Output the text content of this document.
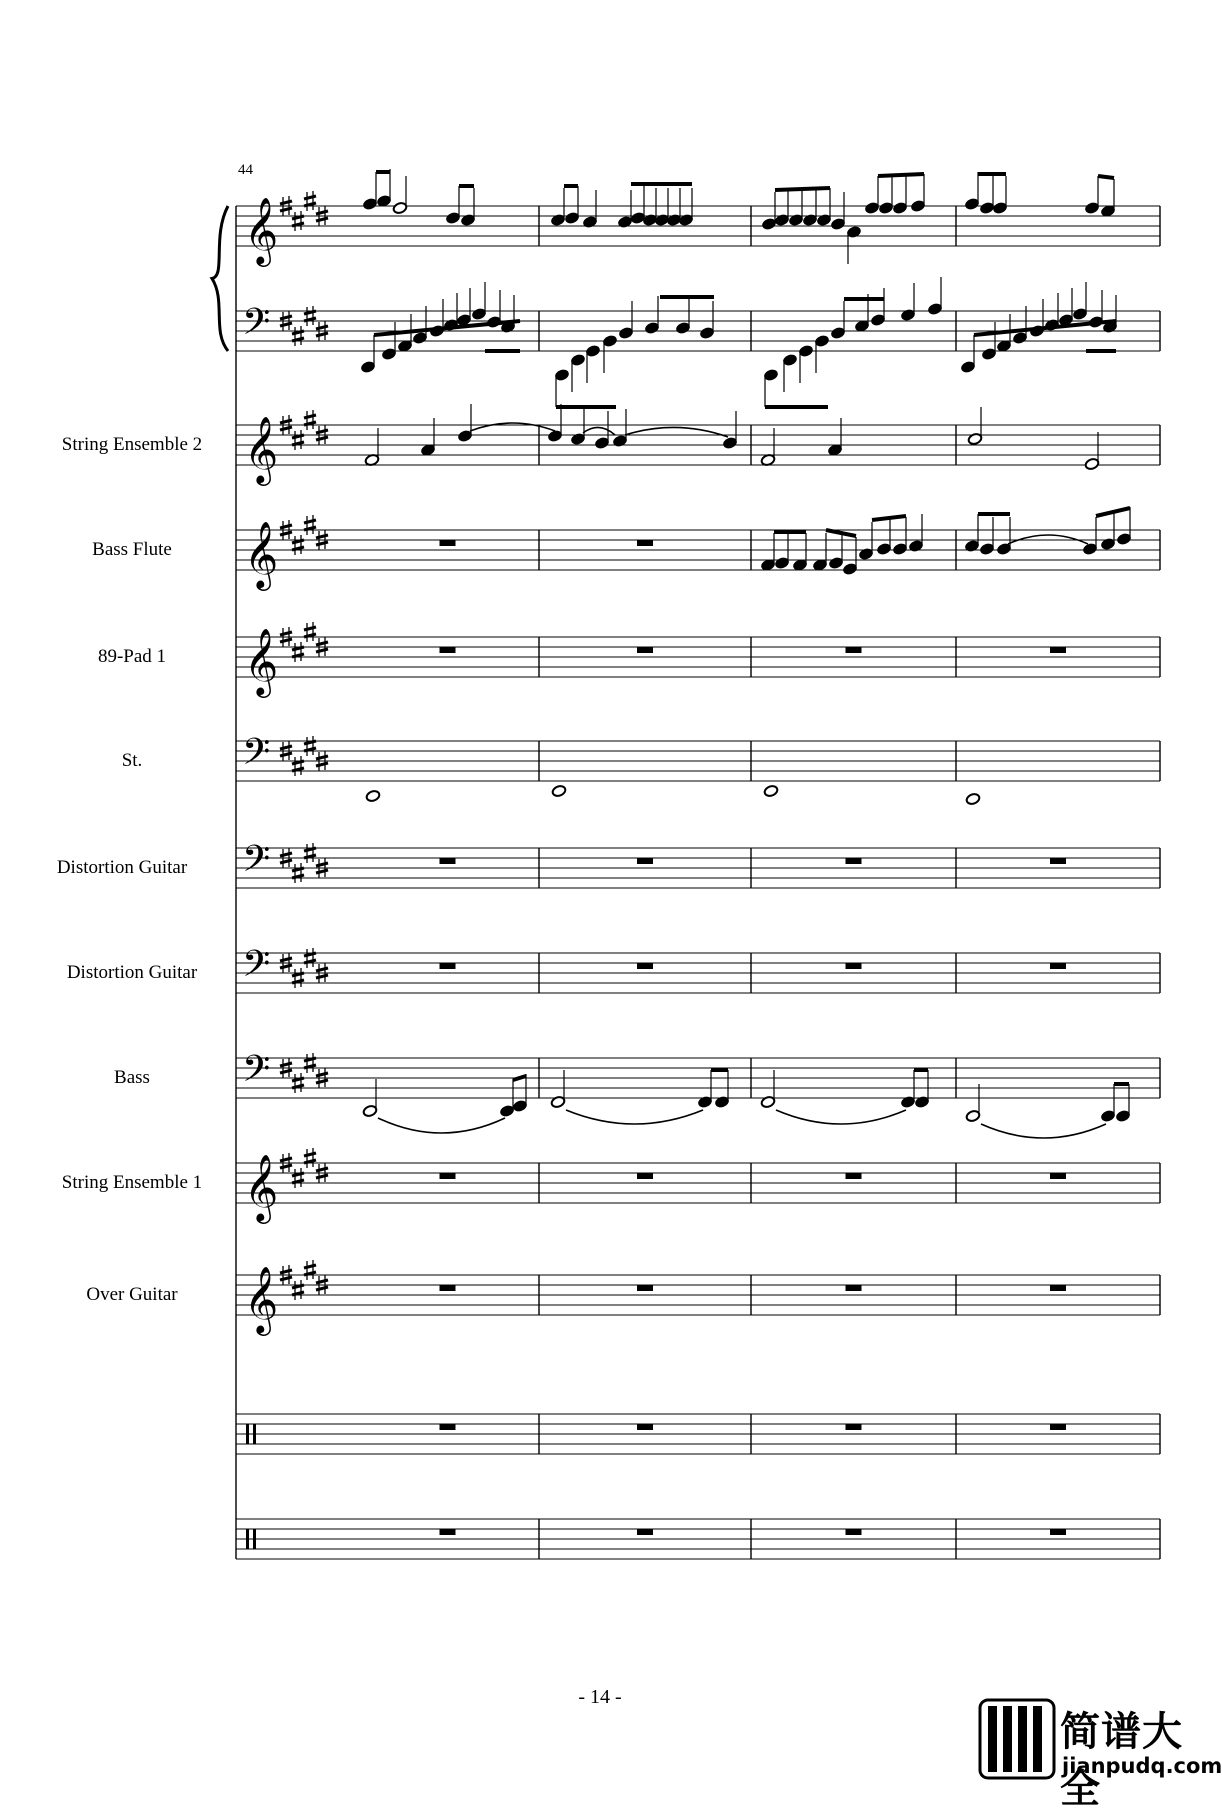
𝄞
𝄢
𝄞
𝄞
𝄞
𝄢
𝄢
𝄢
𝄢
𝄞
𝄞
44
String Ensemble 2
Bass Flute
89-Pad 1
St.
Distortion Guitar
Distortion Guitar
Bass
String Ensemble 1
Over Guitar
- 14 -
简谱大全
jianpudq.com
